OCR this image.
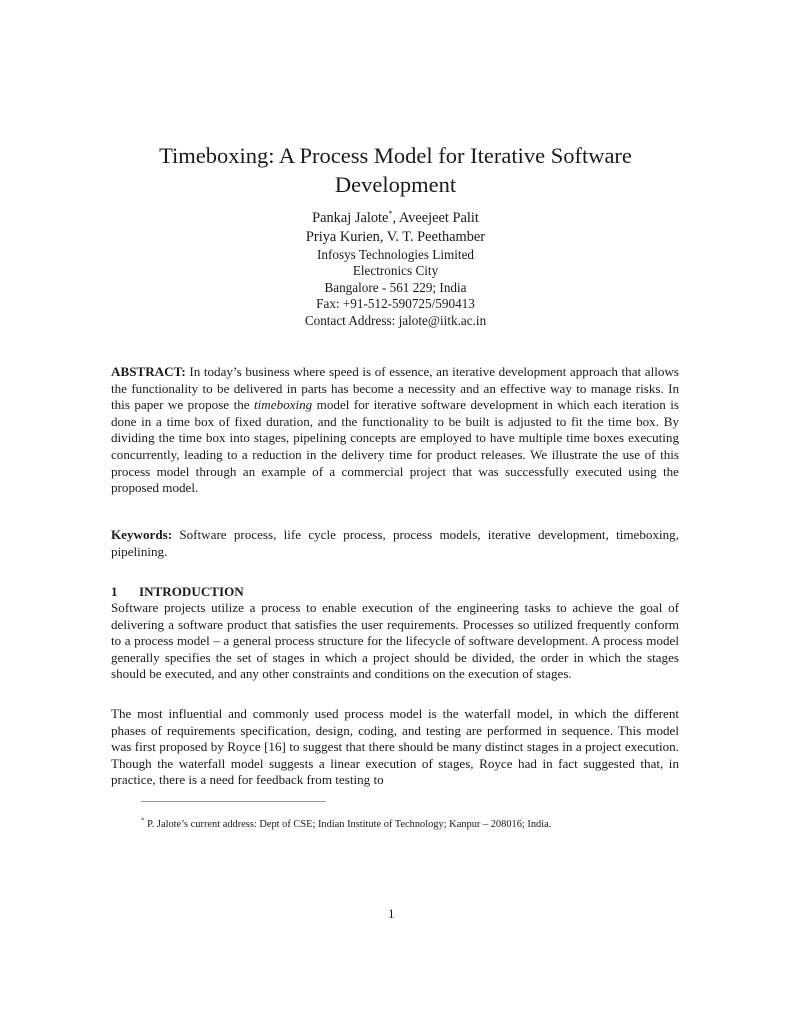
Timeboxing: A Process Model for Iterative Software
Development
Pankaj Jalote*, Aveejeet Palit
Priya Kurien, V. T. Peethamber
Infosys Technologies Limited
Electronics City
Bangalore - 561 229; India
Fax: +91-512-590725/590413
Contact Address: jalote@iitk.ac.in

ABSTRACT: In today’s business where speed is of essence, an iterative development approach that allows the functionality to be delivered in parts has become a necessity and an effective way to manage risks. In this paper we propose the timeboxing model for iterative software development in which each iteration is done in a time box of fixed duration, and the functionality to be built is adjusted to fit the time box. By dividing the time box into stages, pipelining concepts are employed to have multiple time boxes executing concurrently, leading to a reduction in the delivery time for product releases. We illustrate the use of this process model through an example of a commercial project that was successfully executed using the proposed model.

Keywords: Software process, life cycle process, process models, iterative development, timeboxing, pipelining.

1 INTRODUCTION

Software projects utilize a process to enable execution of the engineering tasks to achieve the goal of delivering a software product that satisfies the user requirements. Processes so utilized frequently conform to a process model – a general process structure for the lifecycle of software development. A process model generally specifies the set of stages in which a project should be divided, the order in which the stages should be executed, and any other constraints and conditions on the execution of stages.

The most influential and commonly used process model is the waterfall model, in which the different phases of requirements specification, design, coding, and testing are performed in sequence. This model was first proposed by Royce [16] to suggest that there should be many distinct stages in a project execution. Though the waterfall model suggests a linear execution of stages, Royce had in fact suggested that, in practice, there is a need for feedback from testing to

* P. Jalote’s current address: Dept of CSE; Indian Institute of Technology; Kanpur – 208016; India.
1
